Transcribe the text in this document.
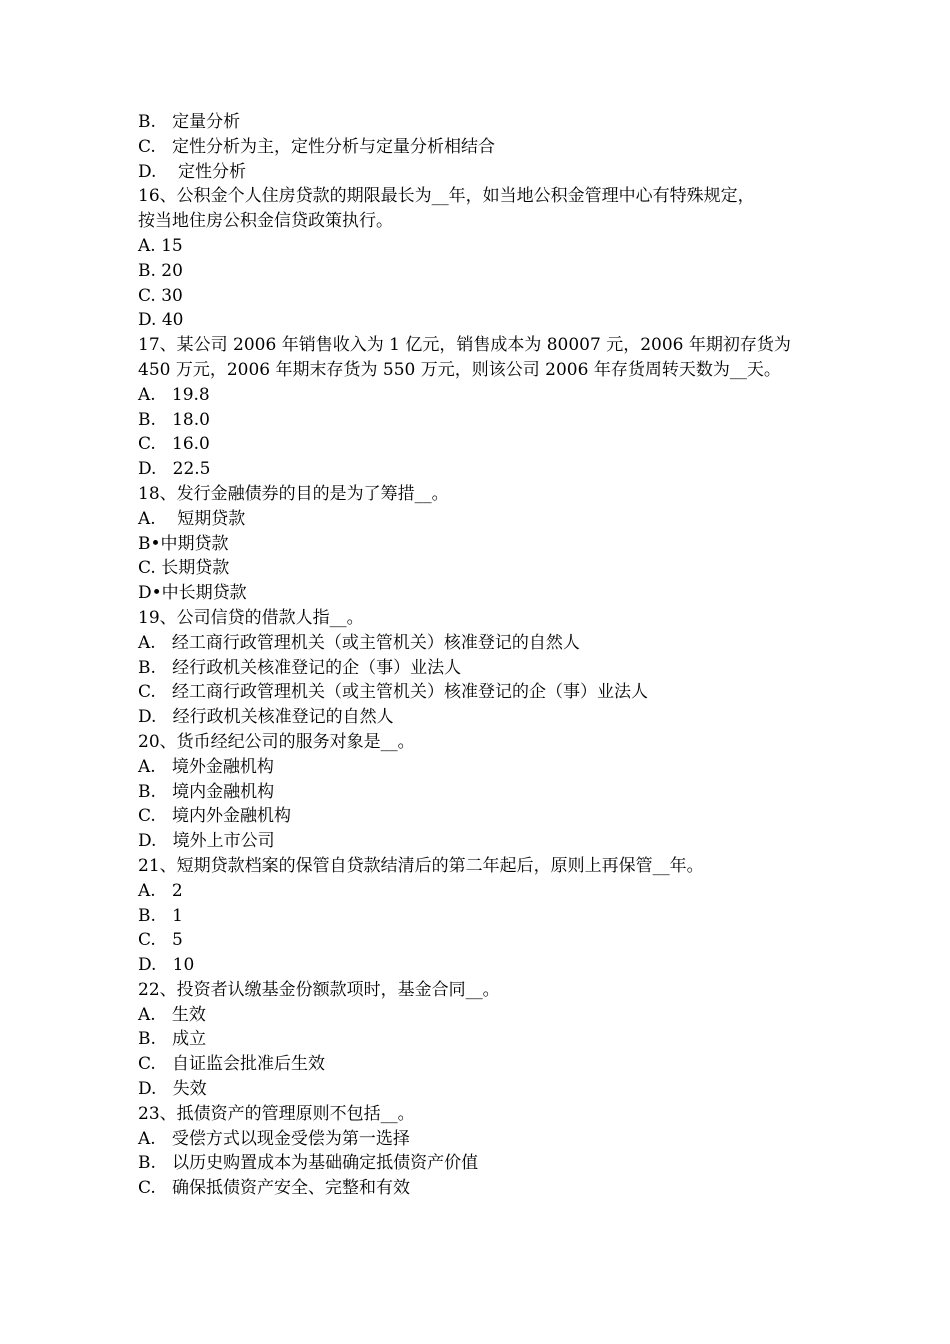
B.   定量分析
C.   定性分析为主，定性分析与定量分析相结合
D.    定性分析
16、公积金个人住房贷款的期限最长为__年，如当地公积金管理中心有特殊规定，
按当地住房公积金信贷政策执行。
A. 15
B. 20
C. 30
D. 40
17、某公司 2006 年销售收入为 1 亿元，销售成本为 80007 元，2006 年期初存货为
450 万元，2006 年期末存货为 550 万元，则该公司 2006 年存货周转天数为__天。
A.   19.8
B.   18.0
C.   16.0
D.   22.5
18、发行金融债券的目的是为了筹措__。
A.    短期贷款
B•中期贷款
C. 长期贷款
D•中长期贷款
19、公司信贷的借款人指__。
A.   经工商行政管理机关（或主管机关）核准登记的自然人
B.   经行政机关核准登记的企（事）业法人
C.   经工商行政管理机关（或主管机关）核准登记的企（事）业法人
D.   经行政机关核准登记的自然人
20、货币经纪公司的服务对象是__。
A.   境外金融机构
B.   境内金融机构
C.   境内外金融机构
D.   境外上市公司
21、短期贷款档案的保管自贷款结清后的第二年起后，原则上再保管__年。
A.   2
B.   1
C.   5
D.   10
22、投资者认缴基金份额款项时，基金合同__。
A.   生效
B.   成立
C.   自证监会批准后生效
D.   失效
23、抵债资产的管理原则不包括__。
A.   受偿方式以现金受偿为第一选择
B.   以历史购置成本为基础确定抵债资产价值
C.   确保抵债资产安全、完整和有效
